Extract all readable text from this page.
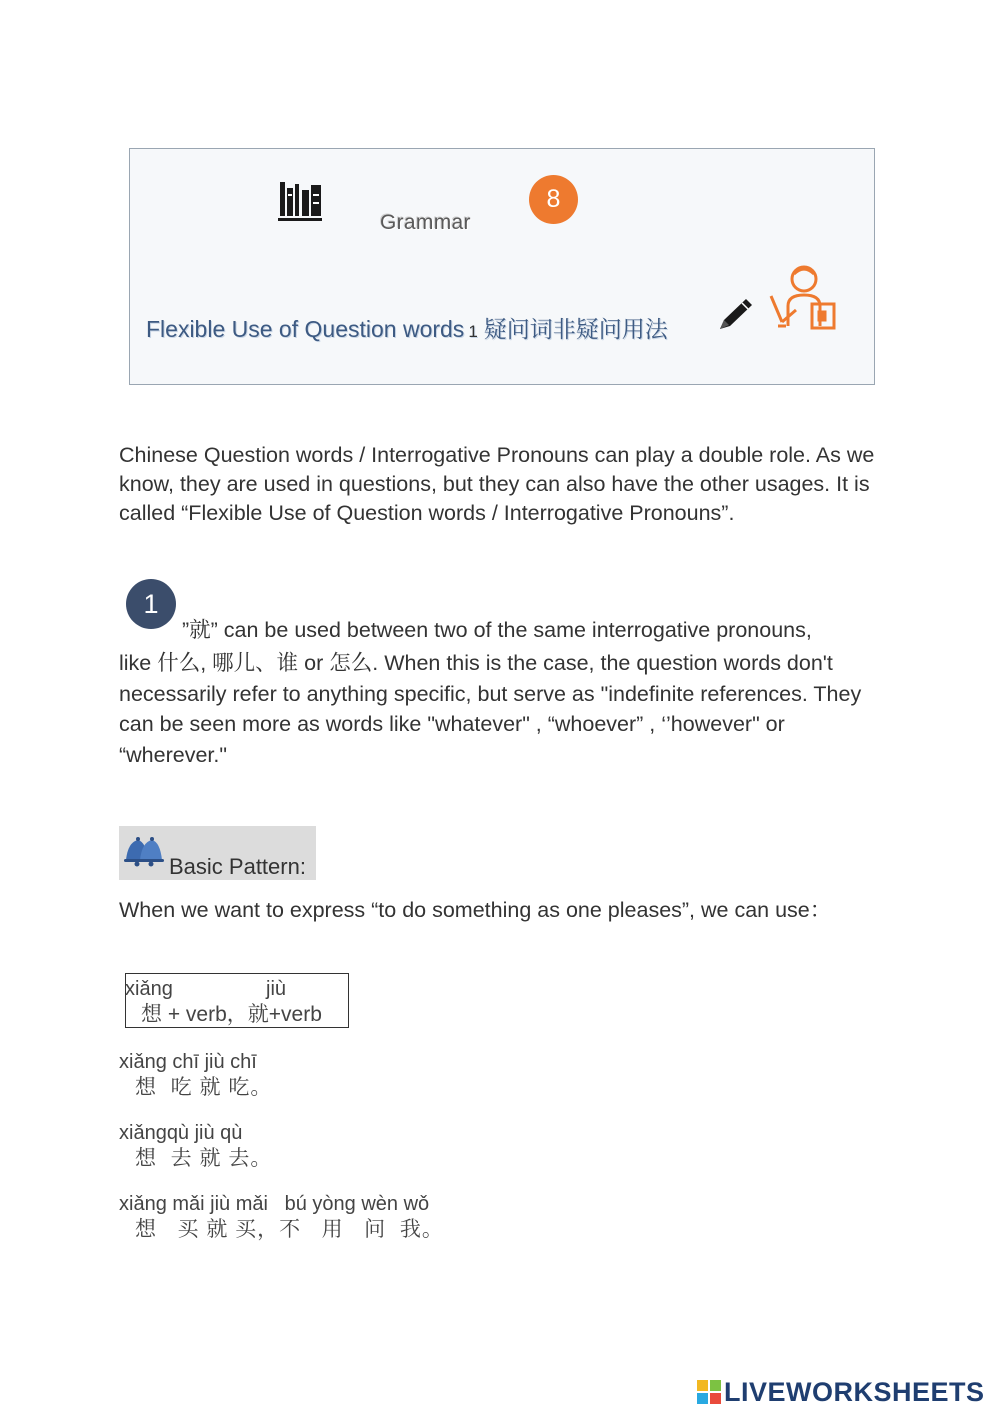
Grammar
8
Flexible Use of Question words 1 疑问词非疑问用法
Chinese Question words / Interrogative Pronouns can play a double role. As we know, they are used in questions, but they can also have the other usages. It is called “Flexible Use of Question words / Interrogative Pronouns”.
1
”就” can be used between two of the same interrogative pronouns,
like 什么, 哪儿、谁 or 怎么. When this is the case, the question words don't necessarily refer to anything specific, but serve as "indefinite references. They can be seen more as words like "whatever" , “whoever” , ‘’however" or “wherever."
Basic Pattern:
When we want to express “to do something as one pleases”, we can use：
xiǎng	jiù
想 + verb，就+verb
xiǎng chī jiù chī
想  吃 就 吃。
xiǎngqù jiù qù
想  去 就 去。
xiǎng mǎi jiù mǎi   bú yòng wèn wǒ
想   买 就 买，不   用   问  我。
LIVEWORKSHEETS
